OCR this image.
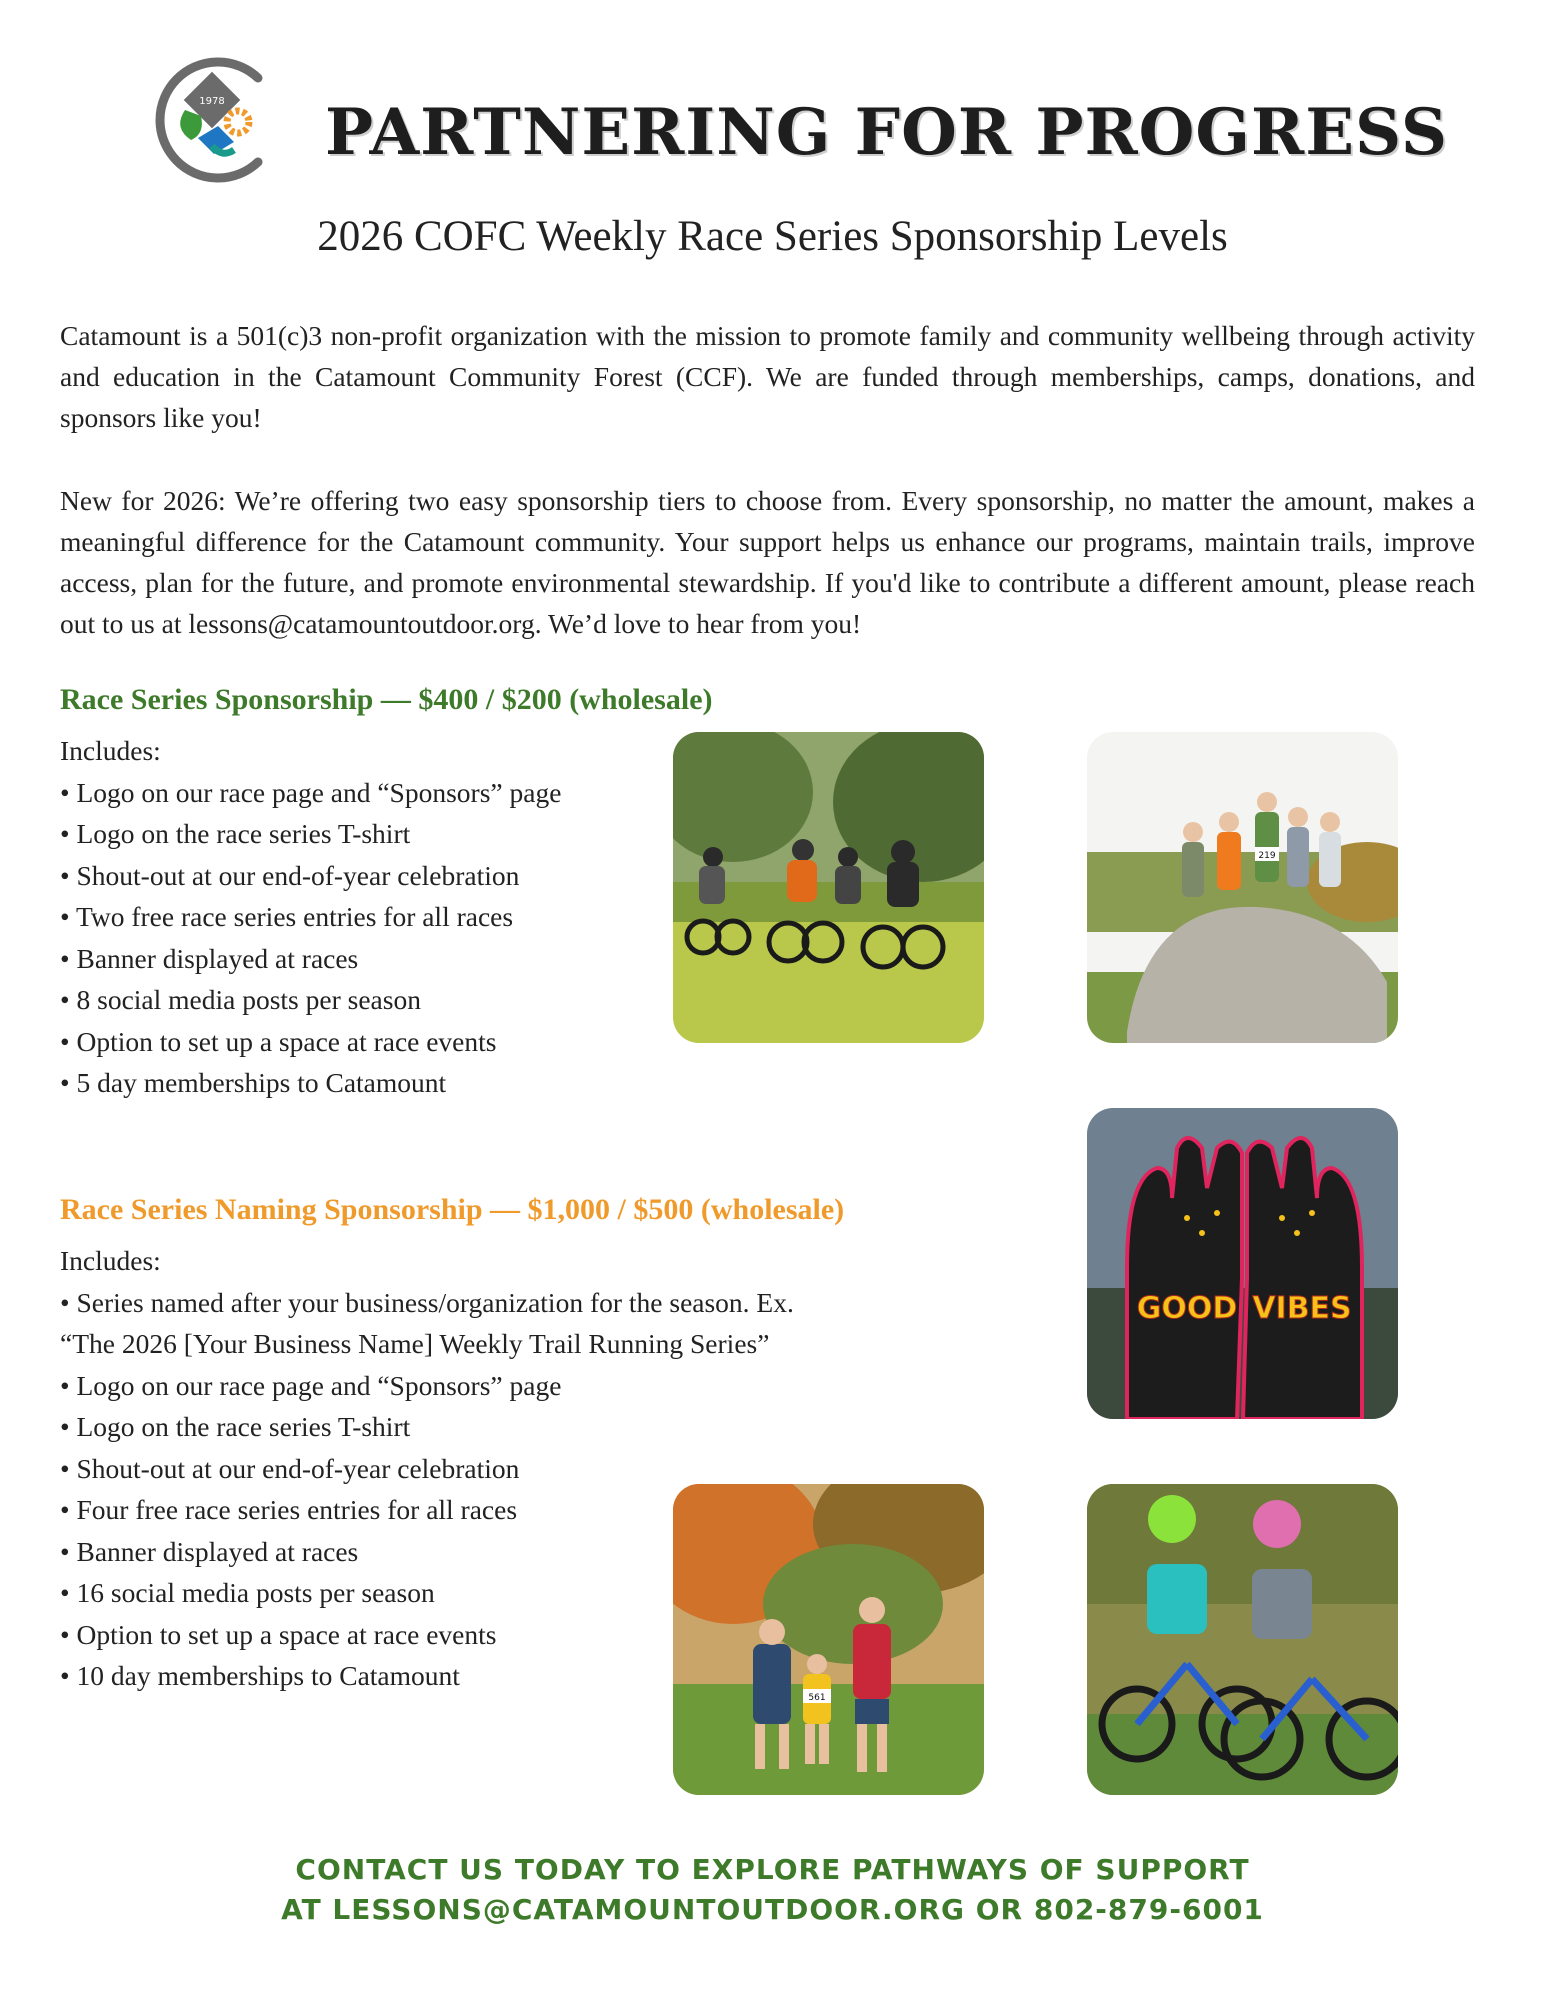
1978 PARTNERING FOR PROGRESS
2026 COFC Weekly Race Series Sponsorship Levels

Catamount is a 501(c)3 non-profit organization with the mission to promote family and community wellbeing through activity and education in the Catamount Community Forest (CCF). We are funded through memberships, camps, donations, and sponsors like you!

New for 2026: We’re offering two easy sponsorship tiers to choose from. Every sponsorship, no matter the amount, makes a meaningful difference for the Catamount community. Your support helps us enhance our programs, maintain trails, improve access, plan for the future, and promote environmental stewardship. If you'd like to contribute a different amount, please reach out to us at lessons@catamountoutdoor.org. We’d love to hear from you!

Race Series Sponsorship — $400 / $200 (wholesale)
Includes:
• Logo on our race page and “Sponsors” page
• Logo on the race series T-shirt
• Shout-out at our end-of-year celebration
• Two free race series entries for all races
• Banner displayed at races
• 8 social media posts per season
• Option to set up a space at race events
• 5 day memberships to Catamount
Race Series Naming Sponsorship — $1,000 / $500 (wholesale)
Includes:
• Series named after your business/organization for the season. Ex.
“The 2026 [Your Business Name] Weekly Trail Running Series”
• Logo on our race page and “Sponsors” page
• Logo on the race series T-shirt
• Shout-out at our end-of-year celebration
• Four free race series entries for all races
• Banner displayed at races
• 16 social media posts per season
• Option to set up a space at race events
• 10 day memberships to Catamount
219
GOOD VIBES
561
CONTACT US TODAY TO EXPLORE PATHWAYS OF SUPPORT
AT LESSONS@CATAMOUNTOUTDOOR.ORG OR 802-879-6001
